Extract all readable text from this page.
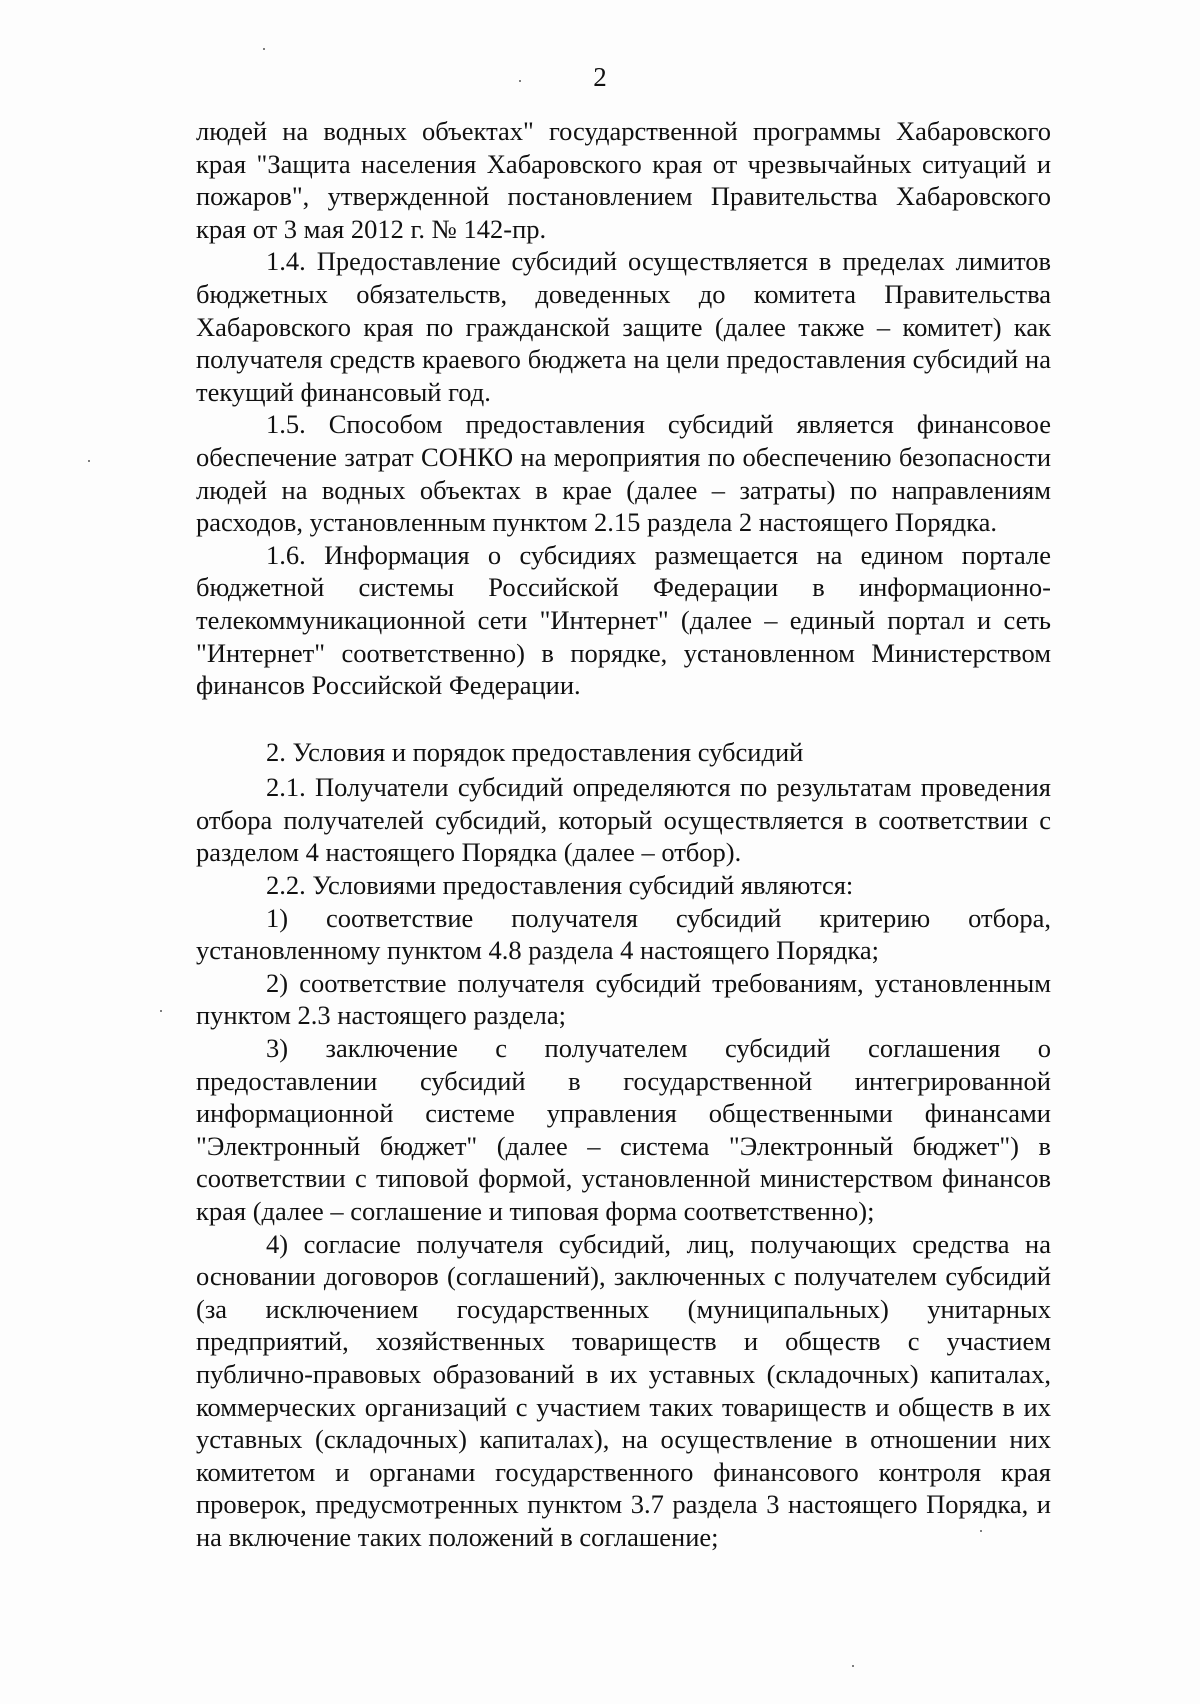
2

людей на водных объектах" государственной программы Хабаровского края "Защита населения Хабаровского края от чрезвычайных ситуаций и пожаров", утвержденной постановлением Правительства Хабаровского края от 3 мая 2012 г. № 142-пр.

1.4. Предоставление субсидий осуществляется в пределах лимитов бюджетных обязательств, доведенных до комитета Правительства Хабаровского края по гражданской защите (далее также – комитет) как получателя средств краевого бюджета на цели предоставления субсидий на текущий финансовый год.

1.5. Способом предоставления субсидий является финансовое обеспечение затрат СОНКО на мероприятия по обеспечению безопасности людей на водных объектах в крае (далее – затраты) по направлениям расходов, установленным пунктом 2.15 раздела 2 настоящего Порядка.

1.6. Информация о субсидиях размещается на едином портале бюджетной системы Российской Федерации в информационно-телекоммуникационной сети "Интернет" (далее – единый портал и сеть "Интернет" соответственно) в порядке, установленном Министерством финансов Российской Федерации.

2. Условия и порядок предоставления субсидий

2.1. Получатели субсидий определяются по результатам проведения отбора получателей субсидий, который осуществляется в соответствии с разделом 4 настоящего Порядка (далее – отбор).

2.2. Условиями предоставления субсидий являются:

1) соответствие получателя субсидий критерию отбора, установленному пунктом 4.8 раздела 4 настоящего Порядка;

2) соответствие получателя субсидий требованиям, установленным пунктом 2.3 настоящего раздела;

3) заключение с получателем субсидий соглашения о предоставлении субсидий в государственной интегрированной информационной системе управления общественными финансами "Электронный бюджет" (далее – система "Электронный бюджет") в соответствии с типовой формой, установленной министерством финансов края (далее – соглашение и типовая форма соответственно);

4) согласие получателя субсидий, лиц, получающих средства на основании договоров (соглашений), заключенных с получателем субсидий (за исключением государственных (муниципальных) унитарных предприятий, хозяйственных товариществ и обществ с участием публично-правовых образований в их уставных (складочных) капиталах, коммерческих организаций с участием таких товариществ и обществ в их уставных (складочных) капиталах), на осуществление в отношении них комитетом и органами государственного финансового контроля края проверок, предусмотренных пунктом 3.7 раздела 3 настоящего Порядка, и на включение таких положений в соглашение;
